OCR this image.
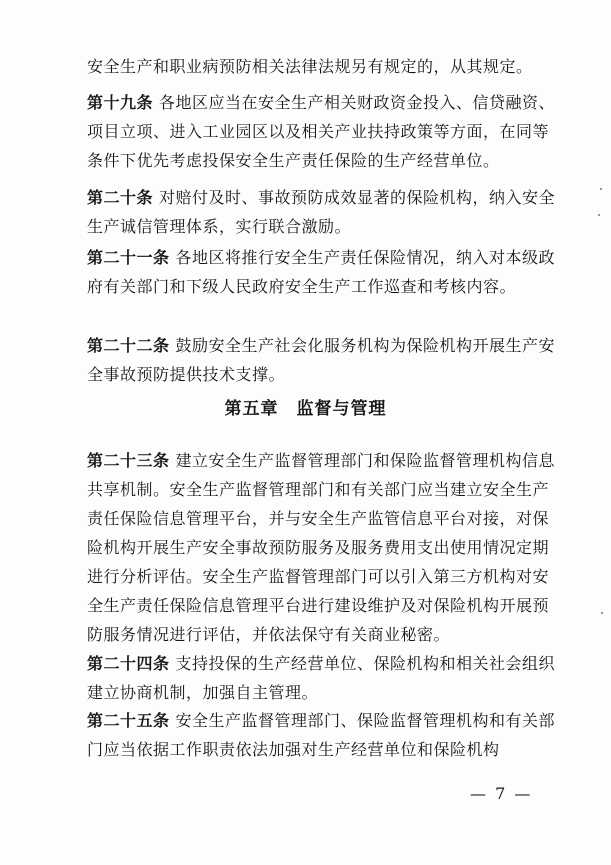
安全生产和职业病预防相关法律法规另有规定的，从其规定。
第十九条 各地区应当在安全生产相关财政资金投入、信贷融资、项目立项、进入工业园区以及相关产业扶持政策等方面，在同等条件下优先考虑投保安全生产责任保险的生产经营单位。
第二十条 对赔付及时、事故预防成效显著的保险机构，纳入安全生产诚信管理体系，实行联合激励。
第二十一条 各地区将推行安全生产责任保险情况，纳入对本级政府有关部门和下级人民政府安全生产工作巡查和考核内容。
第二十二条 鼓励安全生产社会化服务机构为保险机构开展生产安全事故预防提供技术支撑。
第五章　监督与管理
第二十三条 建立安全生产监督管理部门和保险监督管理机构信息共享机制。安全生产监督管理部门和有关部门应当建立安全生产责任保险信息管理平台，并与安全生产监管信息平台对接，对保险机构开展生产安全事故预防服务及服务费用支出使用情况定期进行分析评估。安全生产监督管理部门可以引入第三方机构对安全生产责任保险信息管理平台进行建设维护及对保险机构开展预防服务情况进行评估，并依法保守有关商业秘密。
第二十四条 支持投保的生产经营单位、保险机构和相关社会组织建立协商机制，加强自主管理。
第二十五条 安全生产监督管理部门、保险监督管理机构和有关部门应当依据工作职责依法加强对生产经营单位和保险机构
— 7 —
